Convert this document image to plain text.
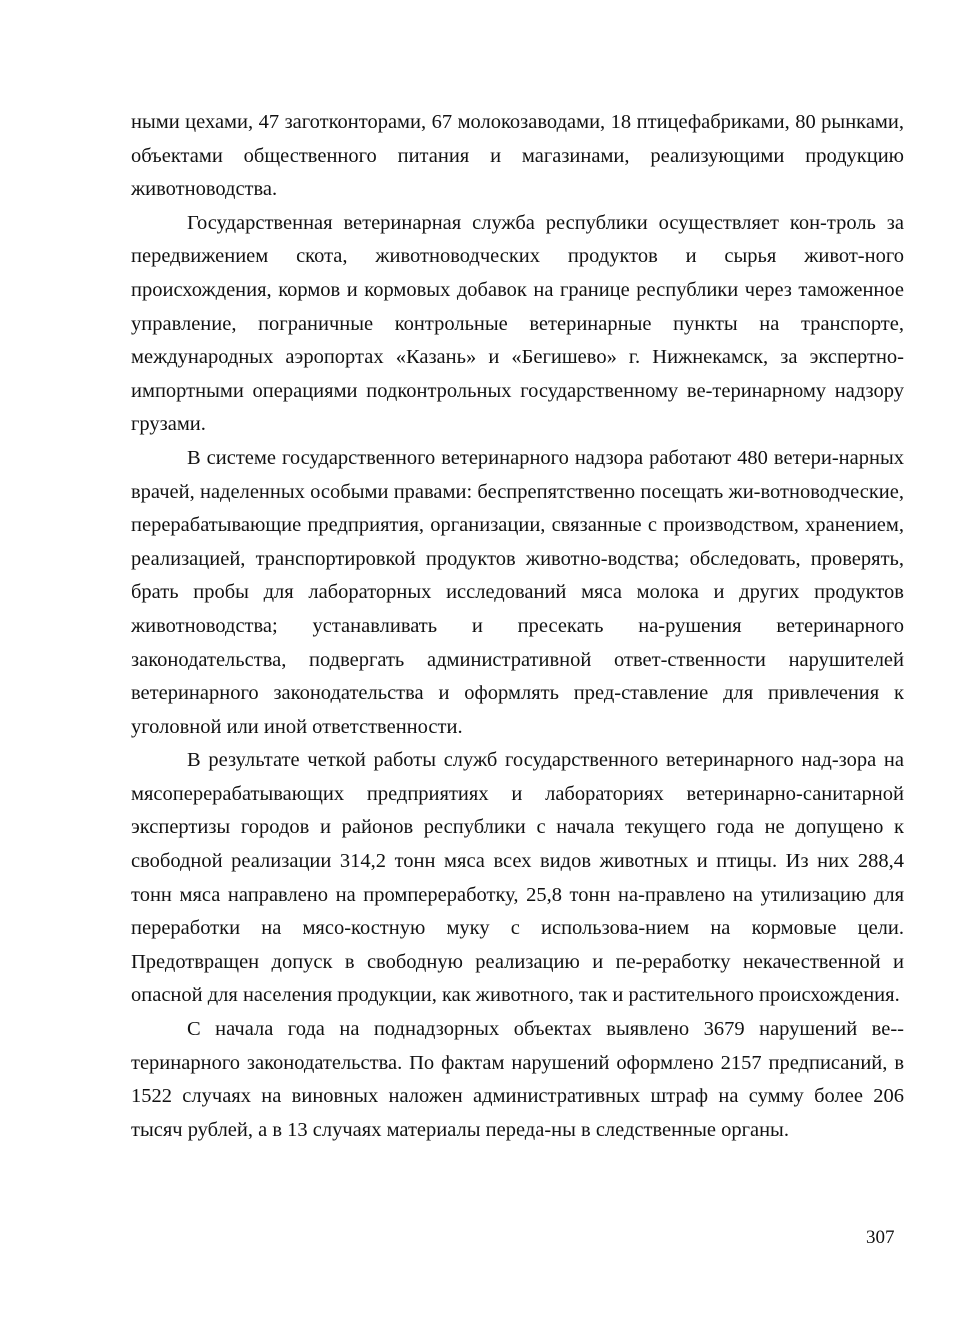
ными цехами, 47 заготконторами, 67 молокозаводами, 18 птицефабриками, 80 рынками, объектами общественного питания и магазинами, реализующими продукцию животноводства.

Государственная ветеринарная служба республики осуществляет кон-троль за передвижением скота, животноводческих продуктов и сырья живот-ного происхождения, кормов и кормовых добавок на границе республики через таможенное управление, пограничные контрольные ветеринарные пункты на транспорте, международных аэропортах «Казань» и «Бегишево» г. Нижнекамск, за экспертно- импортными операциями подконтрольных государственному ве-теринарному надзору грузами.

В системе государственного ветеринарного надзора работают 480 ветери-нарных врачей, наделенных особыми правами: беспрепятственно посещать жи-вотноводческие, перерабатывающие предприятия, организации, связанные с производством, хранением, реализацией, транспортировкой продуктов животно-водства; обследовать, проверять, брать пробы для лабораторных исследований мяса молока и других продуктов животноводства; устанавливать и пресекать на-рушения ветеринарного законодательства, подвергать административной ответ-ственности нарушителей ветеринарного законодательства и оформлять пред-ставление для привлечения к уголовной или иной ответственности.

В результате четкой работы служб государственного ветеринарного над-зора на мясоперерабатывающих предприятиях и лабораториях ветеринарно-санитарной экспертизы городов и районов республики с начала текущего года не допущено к свободной реализации 314,2 тонн мяса всех видов животных и птицы. Из них 288,4 тонн мяса направлено на промпереработку, 25,8 тонн на-правлено на утилизацию для переработки на мясо-костную муку с использова-нием на кормовые цели. Предотвращен допуск в свободную реализацию и пе-реработку некачественной и опасной для населения продукции, как животного, так и растительного происхождения.

С начала года на поднадзорных объектах выявлено 3679 нарушений ве-теринарного законодательства. По фактам нарушений оформлено 2157 предписаний, в 1522 случаях на виновных наложен административных штраф на сумму более 206 тысяч рублей, а в 13 случаях материалы переда-ны в следственные органы.

307
